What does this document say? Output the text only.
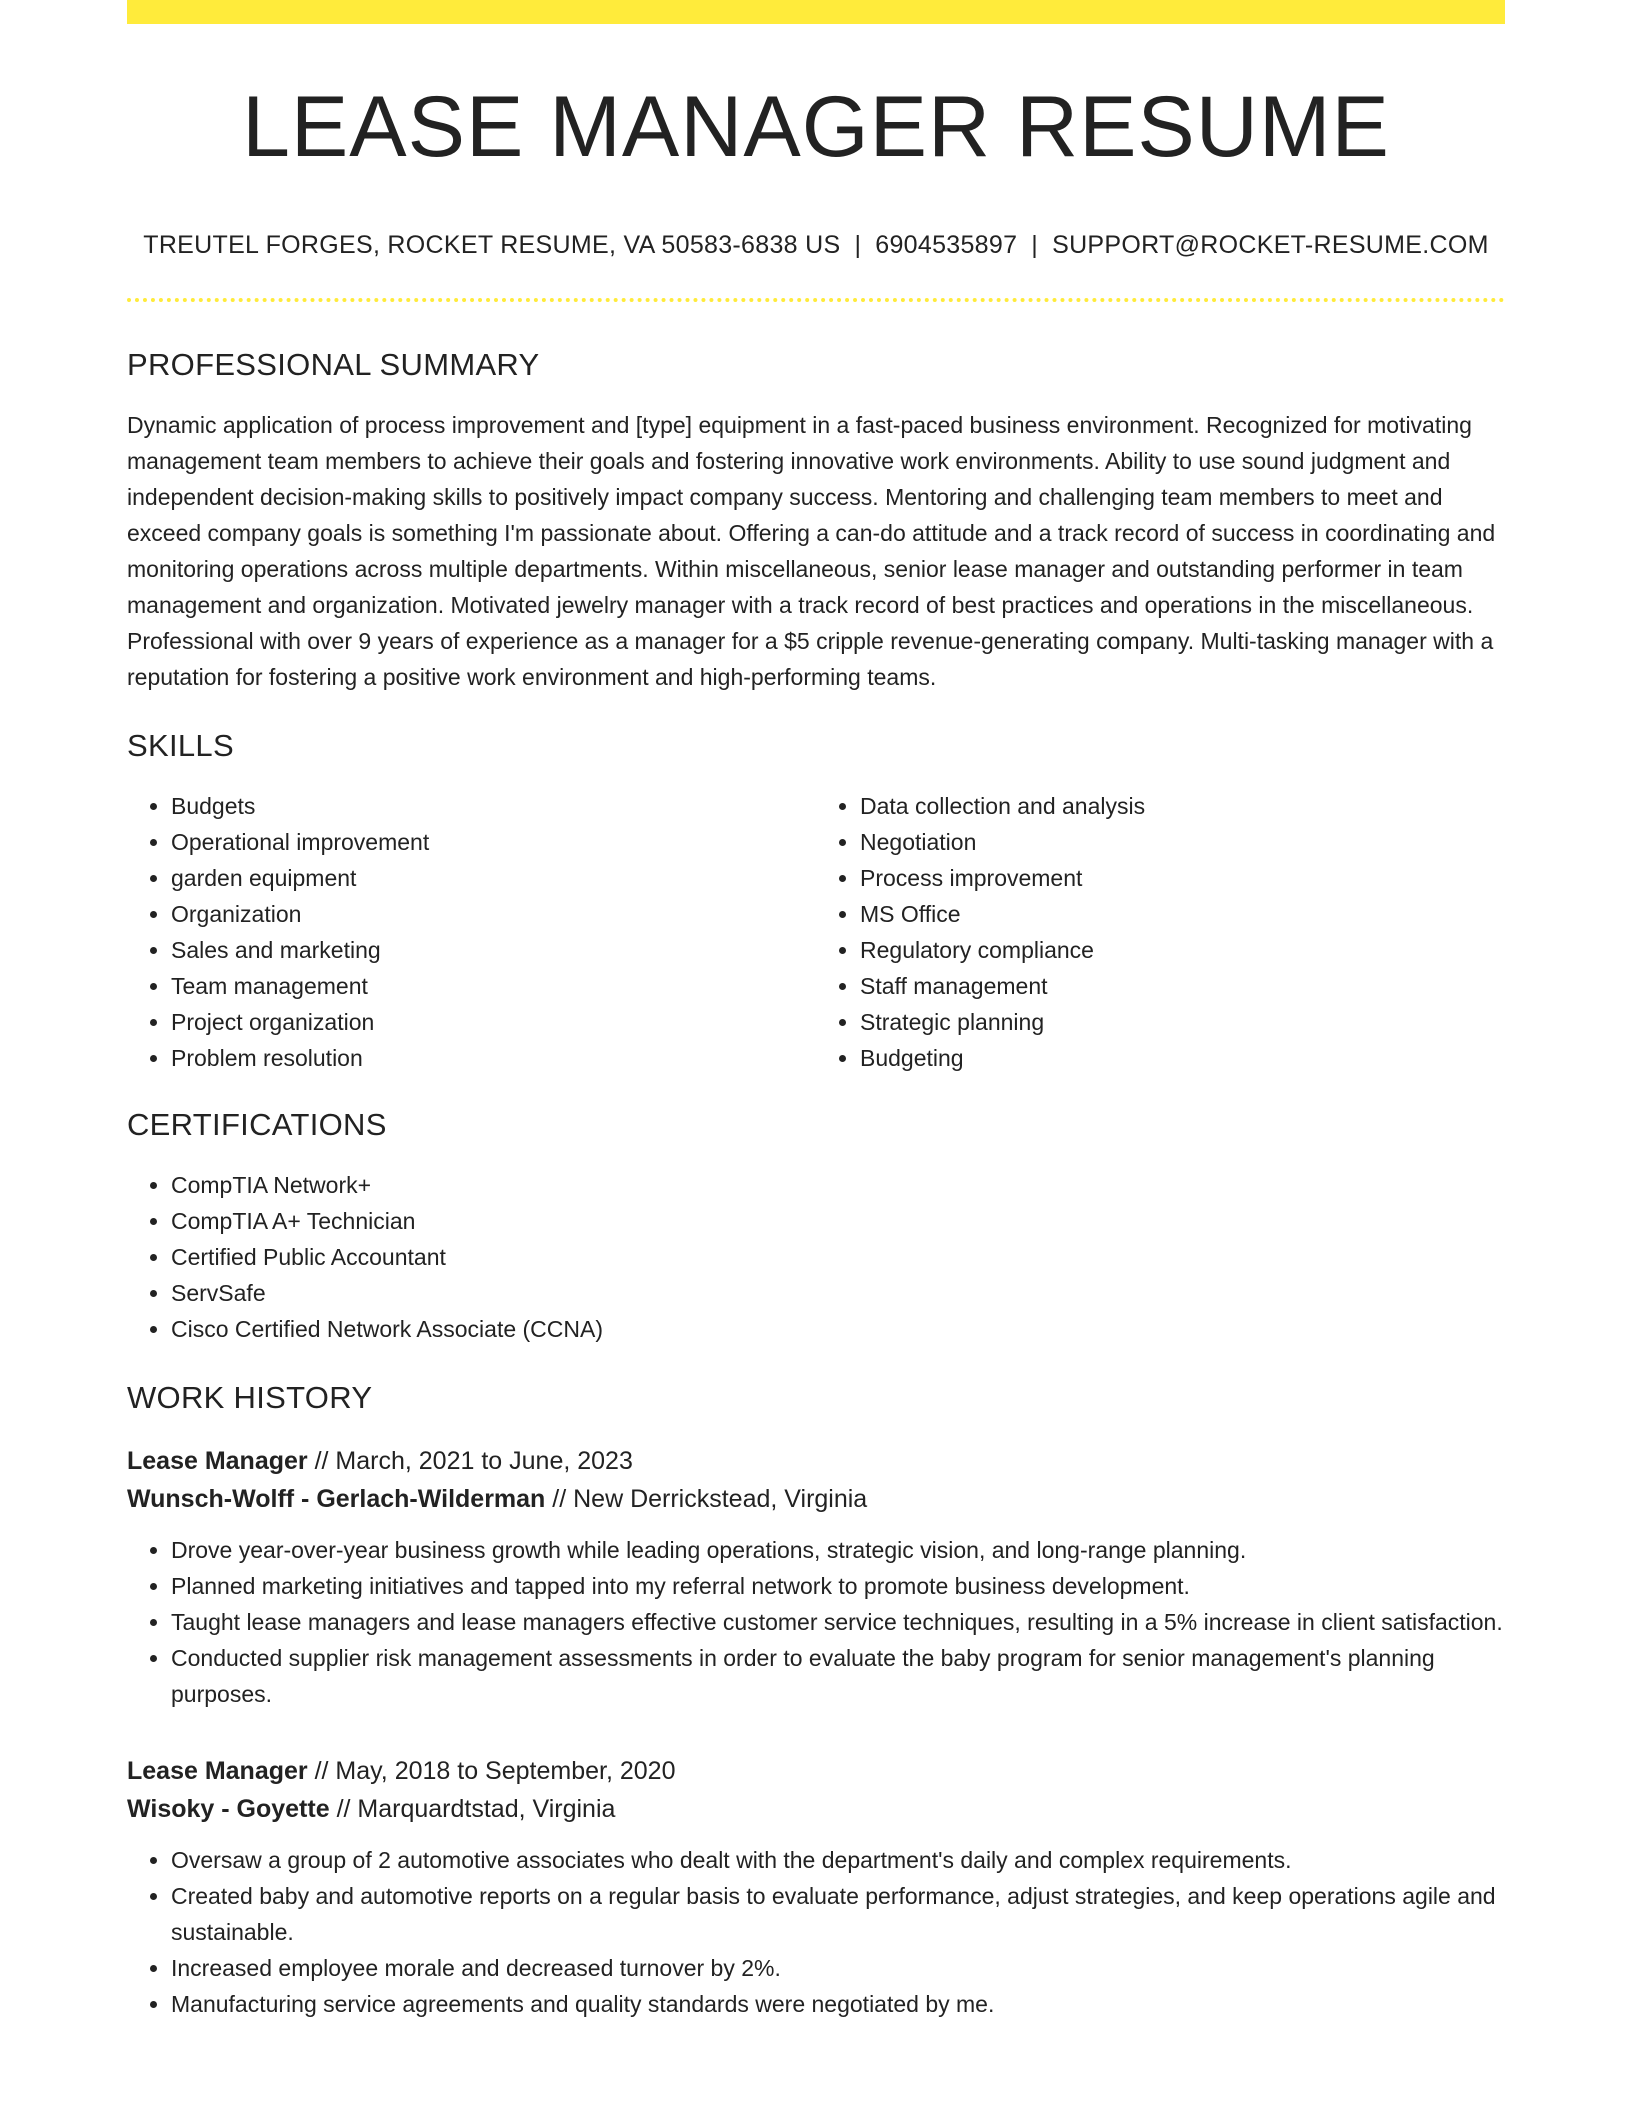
LEASE MANAGER RESUME
TREUTEL FORGES, ROCKET RESUME, VA 50583-6838 US | 6904535897 | SUPPORT@ROCKET-RESUME.COM
PROFESSIONAL SUMMARY

Dynamic application of process improvement and [type] equipment in a fast-paced business environment. Recognized for motivating management team members to achieve their goals and fostering innovative work environments. Ability to use sound judgment and independent decision-making skills to positively impact company success. Mentoring and challenging team members to meet and exceed company goals is something I'm passionate about. Offering a can-do attitude and a track record of success in coordinating and monitoring operations across multiple departments. Within miscellaneous, senior lease manager and outstanding performer in team management and organization. Motivated jewelry manager with a track record of best practices and operations in the miscellaneous. Professional with over 9 years of experience as a manager for a $5 cripple revenue-generating company. Multi-tasking manager with a reputation for fostering a positive work environment and high-performing teams.

SKILLS
• Budgets
• Operational improvement
• garden equipment
• Organization
• Sales and marketing
• Team management
• Project organization
• Problem resolution
• Data collection and analysis
• Negotiation
• Process improvement
• MS Office
• Regulatory compliance
• Staff management
• Strategic planning
• Budgeting
CERTIFICATIONS
• CompTIA Network+
• CompTIA A+ Technician
• Certified Public Accountant
• ServSafe
• Cisco Certified Network Associate (CCNA)
WORK HISTORY
Lease Manager // March, 2021 to June, 2023
Wunsch-Wolff - Gerlach-Wilderman // New Derrickstead, Virginia
• Drove year-over-year business growth while leading operations, strategic vision, and long-range planning.
• Planned marketing initiatives and tapped into my referral network to promote business development.
• Taught lease managers and lease managers effective customer service techniques, resulting in a 5% increase in client satisfaction.
• Conducted supplier risk management assessments in order to evaluate the baby program for senior management's planning purposes.
Lease Manager // May, 2018 to September, 2020
Wisoky - Goyette // Marquardtstad, Virginia
• Oversaw a group of 2 automotive associates who dealt with the department's daily and complex requirements.
• Created baby and automotive reports on a regular basis to evaluate performance, adjust strategies, and keep operations agile and sustainable.
• Increased employee morale and decreased turnover by 2%.
• Manufacturing service agreements and quality standards were negotiated by me.
